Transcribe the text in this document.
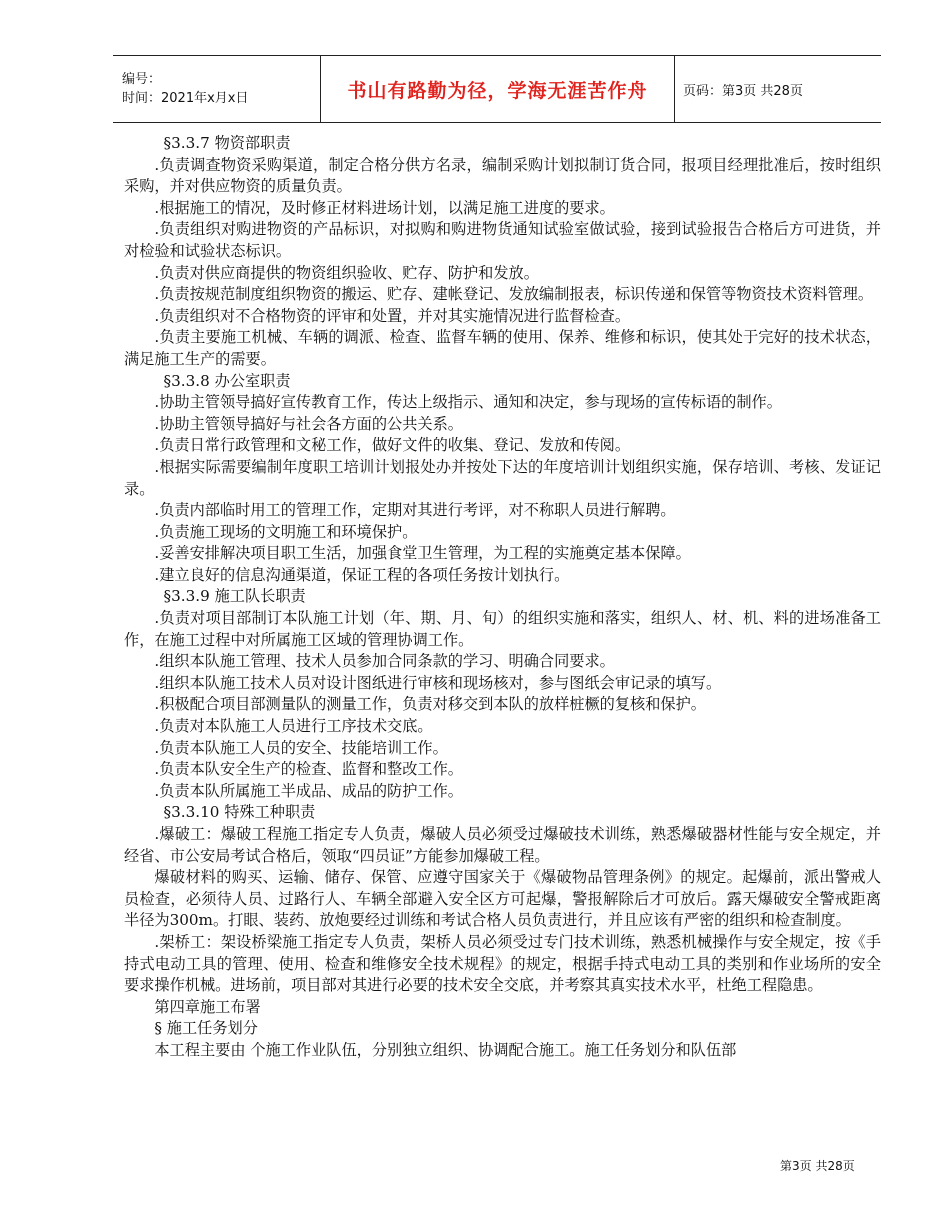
编号：
时间：2021年x月x日	书山有路勤为径，学海无涯苦作舟	页码：第3页 共28页

§3.3.7 物资部职责

.负责调查物资采购渠道，制定合格分供方名录，编制采购计划拟制订货合同，报项目经理批准后，按时组织采购，并对供应物资的质量负责。

.根据施工的情况，及时修正材料进场计划，以满足施工进度的要求。

.负责组织对购进物资的产品标识，对拟购和购进物货通知试验室做试验，接到试验报告合格后方可进货，并对检验和试验状态标识。

.负责对供应商提供的物资组织验收、贮存、防护和发放。

.负责按规范制度组织物资的搬运、贮存、建帐登记、发放编制报表，标识传递和保管等物资技术资料管理。

.负责组织对不合格物资的评审和处置，并对其实施情况进行监督检查。

.负责主要施工机械、车辆的调派、检查、监督车辆的使用、保养、维修和标识，使其处于完好的技术状态，满足施工生产的需要。

§3.3.8 办公室职责

.协助主管领导搞好宣传教育工作，传达上级指示、通知和决定，参与现场的宣传标语的制作。

.协助主管领导搞好与社会各方面的公共关系。

.负责日常行政管理和文秘工作，做好文件的收集、登记、发放和传阅。

.根据实际需要编制年度职工培训计划报处办并按处下达的年度培训计划组织实施，保存培训、考核、发证记录。

.负责内部临时用工的管理工作，定期对其进行考评，对不称职人员进行解聘。

.负责施工现场的文明施工和环境保护。

.妥善安排解决项目职工生活，加强食堂卫生管理，为工程的实施奠定基本保障。

.建立良好的信息沟通渠道，保证工程的各项任务按计划执行。

§3.3.9 施工队长职责

.负责对项目部制订本队施工计划（年、期、月、旬）的组织实施和落实，组织人、材、机、料的进场准备工作，在施工过程中对所属施工区域的管理协调工作。

.组织本队施工管理、技术人员参加合同条款的学习、明确合同要求。

.组织本队施工技术人员对设计图纸进行审核和现场核对，参与图纸会审记录的填写。

.积极配合项目部测量队的测量工作，负责对移交到本队的放样桩橛的复核和保护。

.负责对本队施工人员进行工序技术交底。

.负责本队施工人员的安全、技能培训工作。

.负责本队安全生产的检查、监督和整改工作。

.负责本队所属施工半成品、成品的防护工作。

§3.3.10 特殊工种职责

.爆破工：爆破工程施工指定专人负责，爆破人员必须受过爆破技术训练，熟悉爆破器材性能与安全规定，并经省、市公安局考试合格后，领取“四员证”方能参加爆破工程。

爆破材料的购买、运输、储存、保管、应遵守国家关于《爆破物品管理条例》的规定。起爆前，派出警戒人员检查，必须待人员、过路行人、车辆全部避入安全区方可起爆，警报解除后才可放后。露天爆破安全警戒距离半径为300m。打眼、装药、放炮要经过训练和考试合格人员负责进行，并且应该有严密的组织和检查制度。

.架桥工：架设桥梁施工指定专人负责，架桥人员必须受过专门技术训练，熟悉机械操作与安全规定，按《手持式电动工具的管理、使用、检查和维修安全技术规程》的规定，根据手持式电动工具的类别和作业场所的安全要求操作机械。进场前，项目部对其进行必要的技术安全交底，并考察其真实技术水平，杜绝工程隐患。

第四章施工布署

§ 施工任务划分

本工程主要由 个施工作业队伍，分别独立组织、协调配合施工。施工任务划分和队伍部

第3页 共28页
